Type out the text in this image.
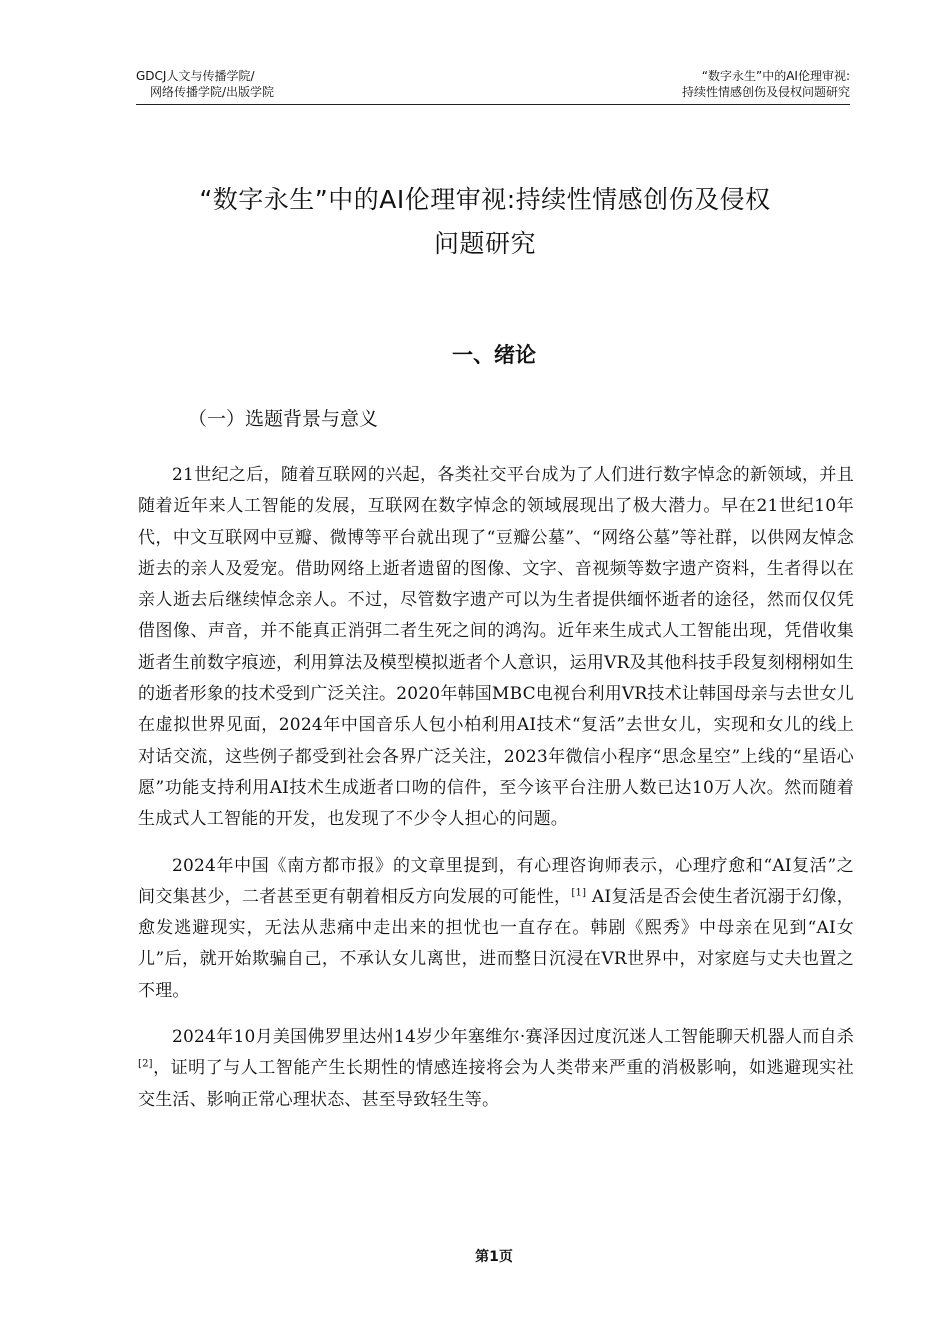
GDCJ人文与传播学院/
网络传播学院/出版学院
“数字永生”中的AI伦理审视:
持续性情感创伤及侵权问题研究
“数字永生”中的AI伦理审视:持续性情感创伤及侵权
问题研究
一、绪论
（一）选题背景与意义

21世纪之后，随着互联网的兴起，各类社交平台成为了人们进行数字悼念的新领域，并且随着近年来人工智能的发展，互联网在数字悼念的领域展现出了极大潜力。早在21世纪10年代，中文互联网中豆瓣、微博等平台就出现了“豆瓣公墓”、“网络公墓”等社群，以供网友悼念逝去的亲人及爱宠。借助网络上逝者遗留的图像、文字、音视频等数字遗产资料，生者得以在亲人逝去后继续悼念亲人。不过，尽管数字遗产可以为生者提供缅怀逝者的途径，然而仅仅凭借图像、声音，并不能真正消弭二者生死之间的鸿沟。近年来生成式人工智能出现，凭借收集逝者生前数字痕迹，利用算法及模型模拟逝者个人意识，运用VR及其他科技手段复刻栩栩如生的逝者形象的技术受到广泛关注。2020年韩国MBC电视台利用VR技术让韩国母亲与去世女儿在虚拟世界见面，2024年中国音乐人包小柏利用AI技术“复活”去世女儿，实现和女儿的线上对话交流，这些例子都受到社会各界广泛关注，2023年微信小程序“思念星空”上线的“星语心愿”功能支持利用AI技术生成逝者口吻的信件，至今该平台注册人数已达10万人次。然而随着生成式人工智能的开发，也发现了不少令人担心的问题。

2024年中国《南方都市报》的文章里提到，有心理咨询师表示，心理疗愈和“AI复活”之间交集甚少，二者甚至更有朝着相反方向发展的可能性，[1] AI复活是否会使生者沉溺于幻像，愈发逃避现实，无法从悲痛中走出来的担忧也一直存在。韩剧《熙秀》中母亲在见到“AI女儿”后，就开始欺骗自己，不承认女儿离世，进而整日沉浸在VR世界中，对家庭与丈夫也置之不理。

2024年10月美国佛罗里达州14岁少年塞维尔·赛泽因过度沉迷人工智能聊天机器人而自杀[2]，证明了与人工智能产生长期性的情感连接将会为人类带来严重的消极影响，如逃避现实社交生活、影响正常心理状态、甚至导致轻生等。

第1页
